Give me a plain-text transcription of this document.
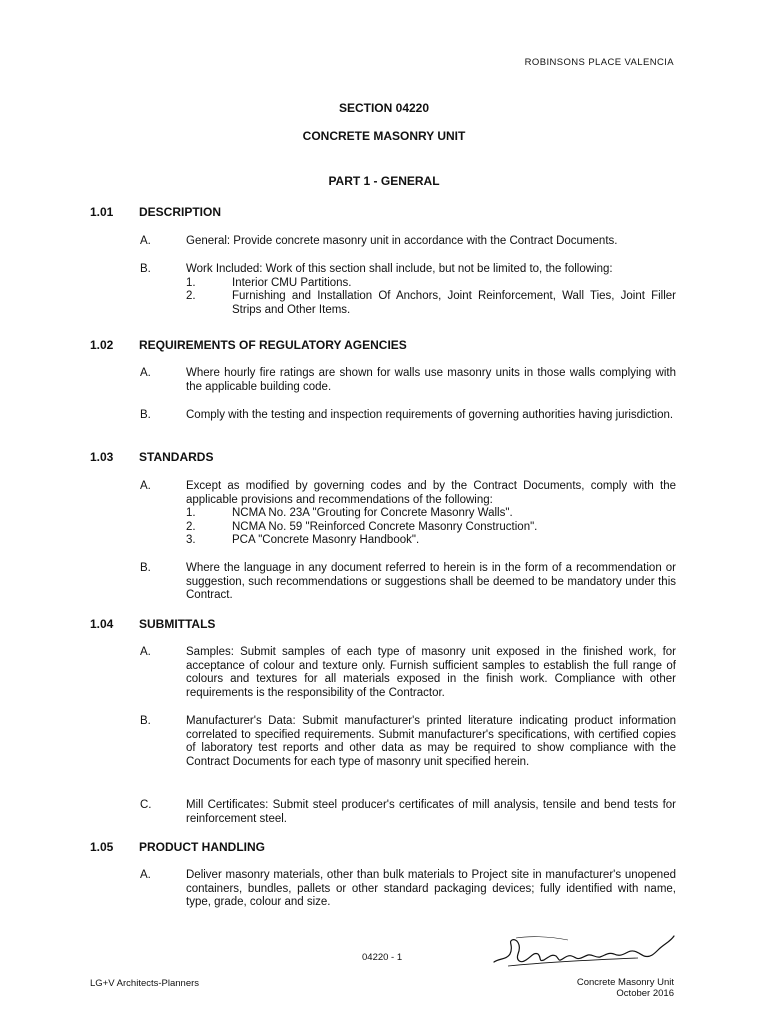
ROBINSONS PLACE VALENCIA
SECTION 04220
CONCRETE MASONRY UNIT
PART 1 - GENERAL
1.01	DESCRIPTION
A.	General: Provide concrete masonry unit in accordance with the Contract Documents.
B.	Work Included: Work of this section shall include, but not be limited to, the following:
1.	Interior CMU Partitions.
2.	Furnishing and Installation Of Anchors, Joint Reinforcement, Wall Ties, Joint Filler Strips and Other Items.
1.02	REQUIREMENTS OF REGULATORY AGENCIES
A.	Where hourly fire ratings are shown for walls use masonry units in those walls complying with the applicable building code.
B.	Comply with the testing and inspection requirements of governing authorities having jurisdiction.
1.03	STANDARDS
A.	Except as modified by governing codes and by the Contract Documents, comply with the applicable provisions and recommendations of the following:
1.	NCMA No. 23A "Grouting for Concrete Masonry Walls".
2.	NCMA No. 59 "Reinforced Concrete Masonry Construction".
3.	PCA "Concrete Masonry Handbook".
B.	Where the language in any document referred to herein is in the form of a recommendation or suggestion, such recommendations or suggestions shall be deemed to be mandatory under this Contract.
1.04	SUBMITTALS
A.	Samples: Submit samples of each type of masonry unit exposed in the finished work, for acceptance of colour and texture only. Furnish sufficient samples to establish the full range of colours and textures for all materials exposed in the finish work. Compliance with other requirements is the responsibility of the Contractor.
B.	Manufacturer's Data: Submit manufacturer's printed literature indicating product information correlated to specified requirements. Submit manufacturer's specifications, with certified copies of laboratory test reports and other data as may be required to show compliance with the Contract Documents for each type of masonry unit specified herein.
C.	Mill Certificates: Submit steel producer's certificates of mill analysis, tensile and bend tests for reinforcement steel.
1.05	PRODUCT HANDLING
A.	Deliver masonry materials, other than bulk materials to Project site in manufacturer's unopened containers, bundles, pallets or other standard packaging devices; fully identified with name, type, grade, colour and size.
04220 - 1
LG+V Architects-Planners	Concrete Masonry Unit
October 2016
